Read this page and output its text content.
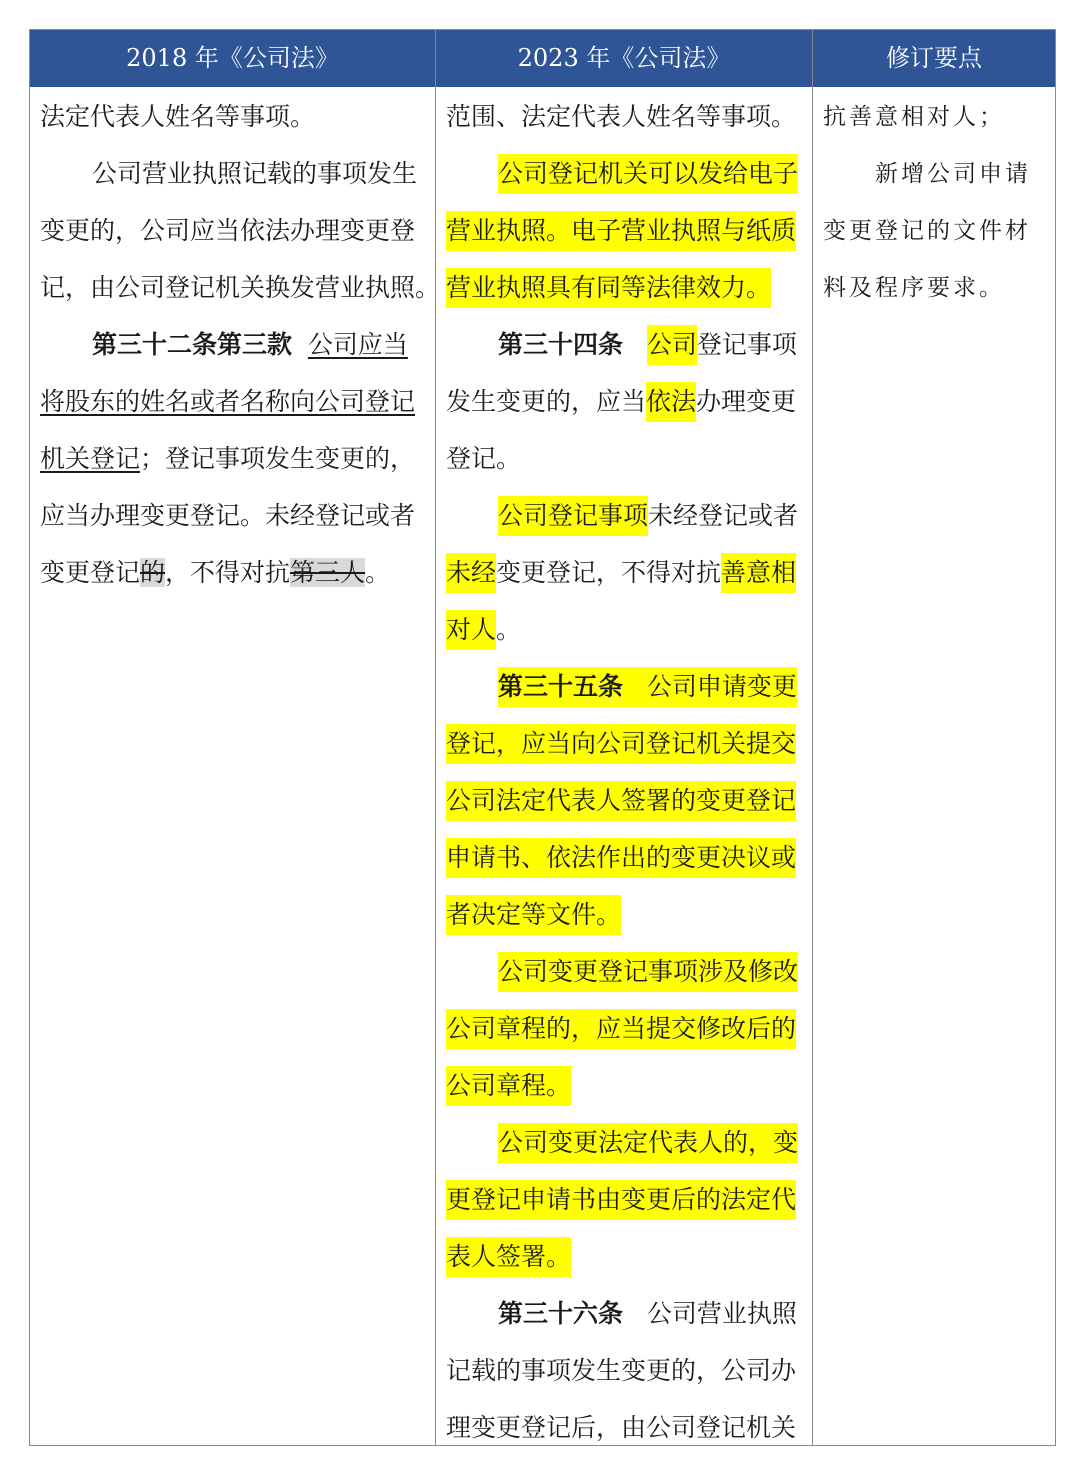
2018 年《公司法》	2023 年《公司法》	修订要点
法定代表人姓名等事项。
公司营业执照记载的事项发生
变更的，公司应当依法办理变更登
记，由公司登记机关换发营业执照。
第三十二条第三款 公司应当
将股东的姓名或者名称向公司登记
机关登记；登记事项发生变更的，
应当办理变更登记。未经登记或者
变更登记的，不得对抗第三人。
范围、法定代表人姓名等事项。
公司登记机关可以发给电子
营业执照。电子营业执照与纸质
营业执照具有同等法律效力。
第三十四条 公司登记事项
发生变更的，应当依法办理变更
登记。
公司登记事项未经登记或者
未经变更登记，不得对抗善意相
对人。
第三十五条 公司申请变更
登记，应当向公司登记机关提交
公司法定代表人签署的变更登记
申请书、依法作出的变更决议或
者决定等文件。
公司变更登记事项涉及修改
公司章程的，应当提交修改后的
公司章程。
公司变更法定代表人的，变
更登记申请书由变更后的法定代
表人签署。
第三十六条 公司营业执照
记载的事项发生变更的，公司办
理变更登记后，由公司登记机关
抗善意相对人；
新增公司申请
变更登记的文件材
料及程序要求。
